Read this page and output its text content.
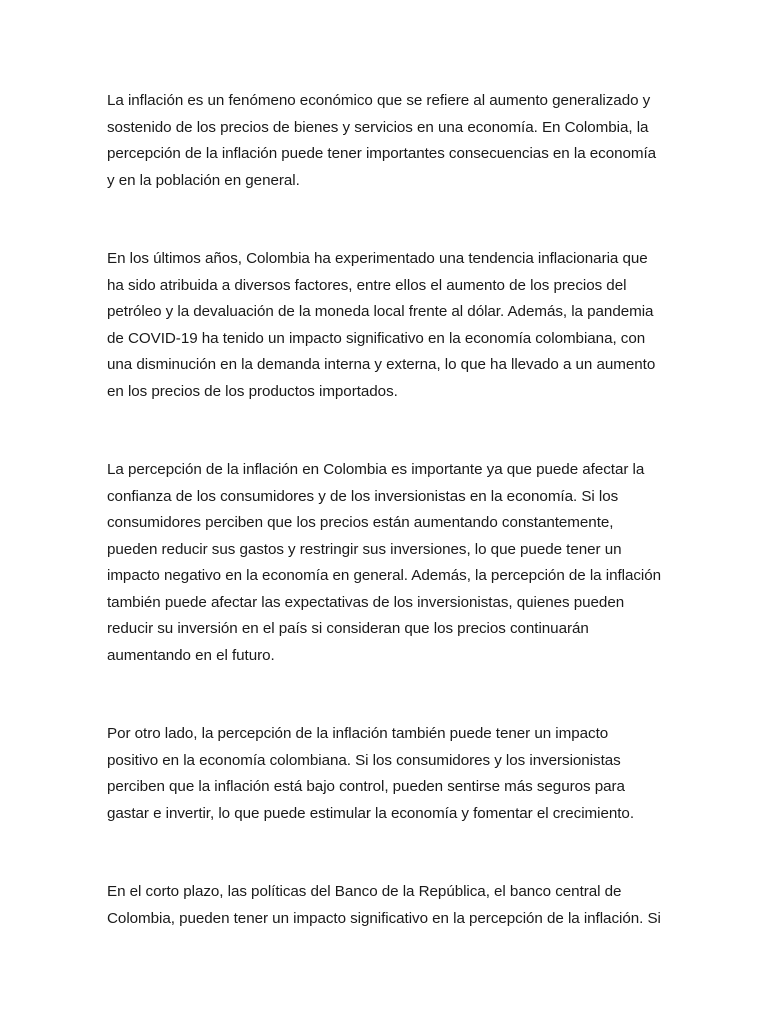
La inflación es un fenómeno económico que se refiere al aumento generalizado y
sostenido de los precios de bienes y servicios en una economía. En Colombia, la
percepción de la inflación puede tener importantes consecuencias en la economía
y en la población en general.

En los últimos años, Colombia ha experimentado una tendencia inflacionaria que
ha sido atribuida a diversos factores, entre ellos el aumento de los precios del
petróleo y la devaluación de la moneda local frente al dólar. Además, la pandemia
de COVID-19 ha tenido un impacto significativo en la economía colombiana, con
una disminución en la demanda interna y externa, lo que ha llevado a un aumento
en los precios de los productos importados.

La percepción de la inflación en Colombia es importante ya que puede afectar la
confianza de los consumidores y de los inversionistas en la economía. Si los
consumidores perciben que los precios están aumentando constantemente,
pueden reducir sus gastos y restringir sus inversiones, lo que puede tener un
impacto negativo en la economía en general. Además, la percepción de la inflación
también puede afectar las expectativas de los inversionistas, quienes pueden
reducir su inversión en el país si consideran que los precios continuarán
aumentando en el futuro.

Por otro lado, la percepción de la inflación también puede tener un impacto
positivo en la economía colombiana. Si los consumidores y los inversionistas
perciben que la inflación está bajo control, pueden sentirse más seguros para
gastar e invertir, lo que puede estimular la economía y fomentar el crecimiento.

En el corto plazo, las políticas del Banco de la República, el banco central de
Colombia, pueden tener un impacto significativo en la percepción de la inflación. Si
